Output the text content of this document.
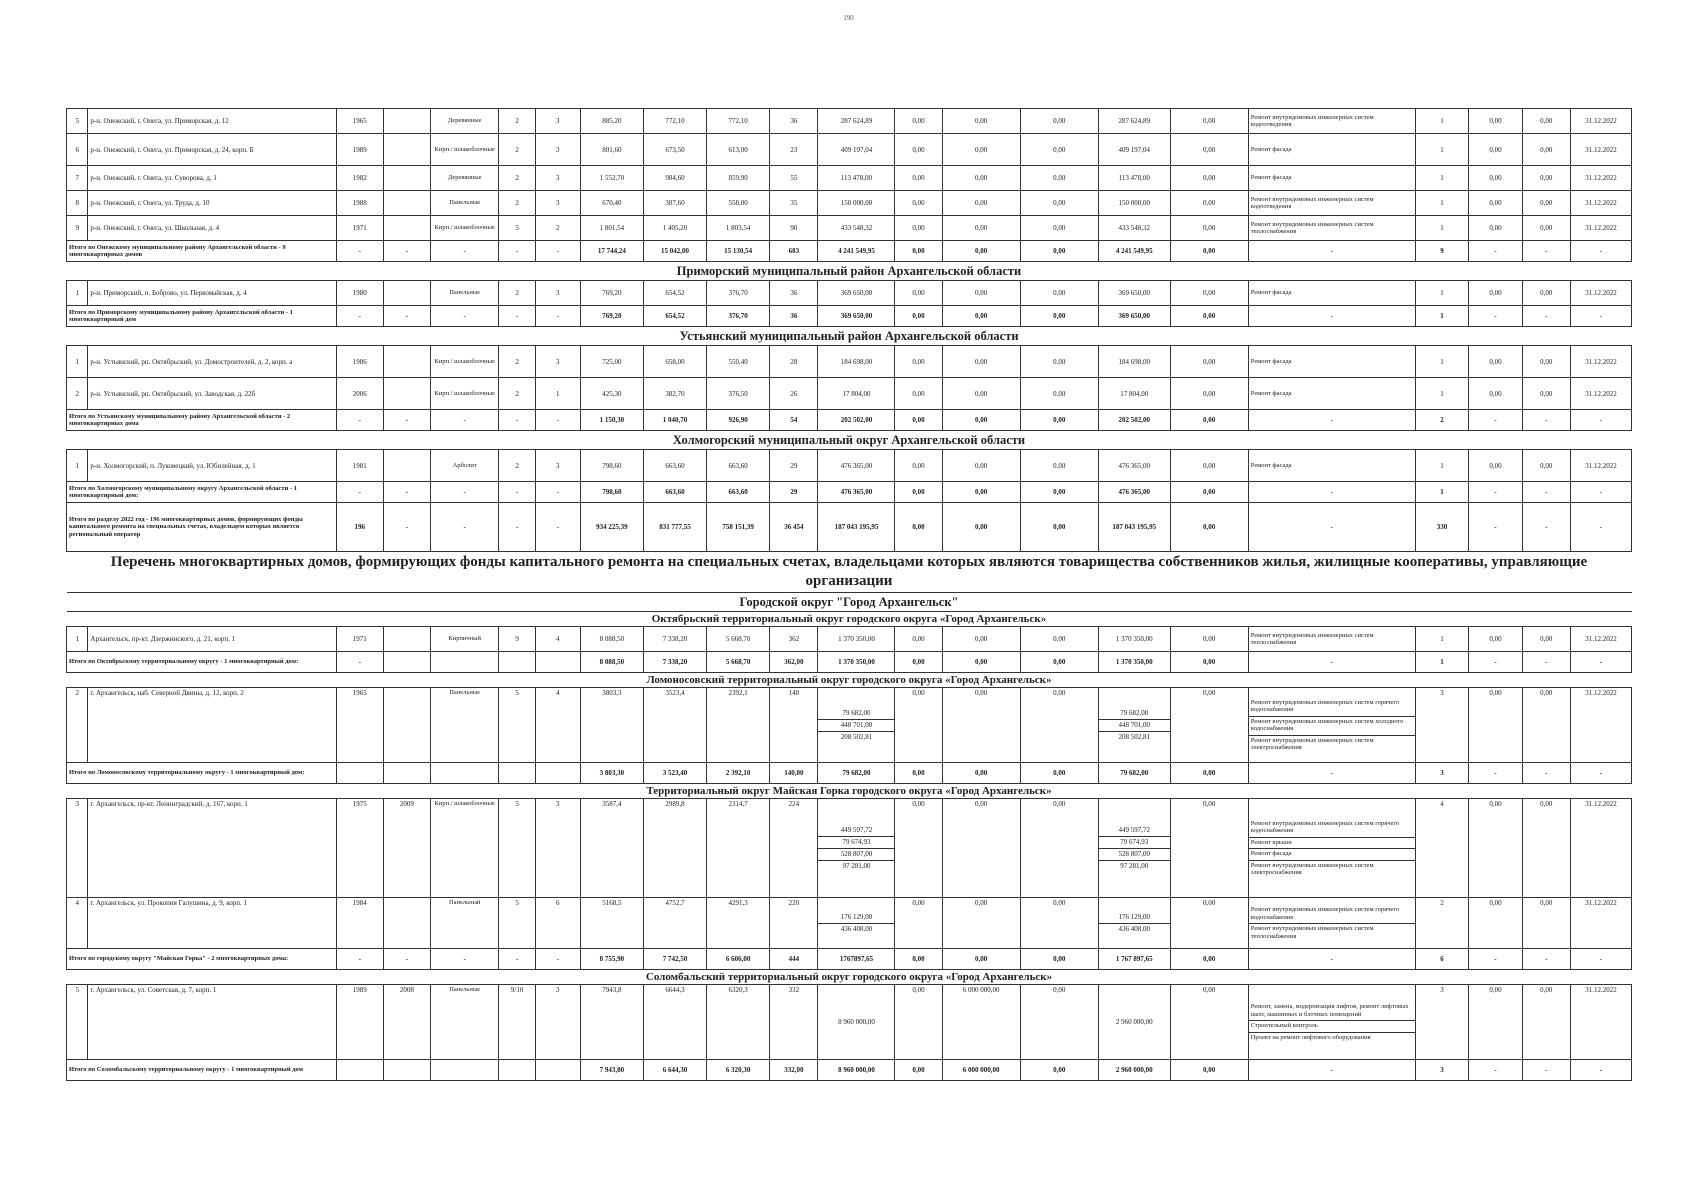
190
5	р-н. Онежский, г. Онега, ул. Приморская, д. 12	1965		Деревянные	2	3	885,20	772,10	772,10	36	287 624,89	0,00	0,00	0,00	287 624,89	0,00	Ремонт внутридомовых инженерных систем водоотведения	1	0,00	0,00	31.12.2022
6	р-н. Онежский, г. Онега, ул. Приморская, д. 24, корп. Б	1989		Кирп./ шлакоблочные	2	3	801,60	673,50	613,00	23	409 197,04	0,00	0,00	0,00	409 197,04	0,00	Ремонт фасада	1	0,00	0,00	31.12.2022
7	р-н. Онежский, г. Онега, ул. Суворова, д. 1	1982		Деревянные	2	3	1 552,70	984,60	859,90	55	113 478,00	0,00	0,00	0,00	113 478,00	0,00	Ремонт фасада	1	0,00	0,00	31.12.2022
8	р-н. Онежский, г. Онега, ул. Труда, д. 10	1988		Панельные	2	3	670,40	387,60	558,00	35	150 000,00	0,00	0,00	0,00	150 000,00	0,00	Ремонт внутридомовых инженерных систем водоотведения	1	0,00	0,00	31.12.2022
9	р-н. Онежский, г. Онега, ул. Школьная, д. 4	1971		Кирп./ шлакоблочные	5	2	1 801,54	1 405,20	1 803,54	90	433 548,32	0,00	0,00	0,00	433 548,32	0,00	Ремонт внутридомовых инженерных систем теплоснабжения	1	0,00	0,00	31.12.2022
Итого по Онежскому муниципальному району Архангельской области - 9 многоквартирных домов		-	-	-	-	-	17 744,24	15 042,00	15 130,54	683	4 241 549,95	0,00	0,00	0,00	4 241 549,95	0,00	-	9	-	-	-
Приморский муниципальный район Архангельской области																					
1	р-н. Приморский, п. Боброво, ул. Первомайская, д. 4	1980		Панельные	2	3	769,20	654,52	376,70	36	369 650,00	0,00	0,00	0,00	369 650,00	0,00	Ремонт фасада	1	0,00	0,00	31.12.2022
Итого по Приморскому муниципальному району Архангельской области - 1 многоквартирный дом		-	-	-	-	-	769,20	654,52	376,70	36	369 650,00	0,00	0,00	0,00	369 650,00	0,00	-	1	-	-	-
Устьянский муниципальный район Архангельской области																					
1	р-н. Устьянский, рп. Октябрьский, ул. Домостроителей, д. 2, корп. а	1986		Кирп./ шлакоблочные	2	3	725,00	658,00	550,40	28	184 698,00	0,00	0,00	0,00	184 698,00	0,00	Ремонт фасада	1	0,00	0,00	31.12.2022
2	р-н. Устьянский, рп. Октябрьский, ул. Заводская, д. 22б	2006		Кирп./ шлакоблочные	2	1	425,30	382,70	376,50	26	17 804,00	0,00	0,00	0,00	17 804,00	0,00	Ремонт фасада	1	0,00	0,00	31.12.2022
Итого по Устьянскому муниципальному району Архангельской области - 2 многоквартирных дома		-	-	-	-	-	1 150,30	1 040,70	926,90	54	202 502,00	0,00	0,00	0,00	202 502,00	0,00	-	2	-	-	-
Холмогорский муниципальный округ Архангельской области																					
1	р-н. Холмогорский, п. Луковецкий, ул. Юбилейная, д. 1	1981		Арболит	2	3	798,60	663,60	663,60	29	476 365,00	0,00	0,00	0,00	476 365,00	0,00	Ремонт фасада	1	0,00	0,00	31.12.2022
Итого по Холмогорскому муниципальному округу Архангельской области - 1 многоквартирный дом:		-	-	-	-	-	798,60	663,60	663,60	29	476 365,00	0,00	0,00	0,00	476 365,00	0,00	-	1	-	-	-
Итого по разделу 2022 год - 196 многоквартирных домов, формирующих фонды капитального ремонта на специальных счетах, владельцем которых является региональный оператор		196	-	-	-	-	934 225,39	831 777,55	758 151,39	36 454	187 043 195,95	0,00	0,00	0,00	187 043 195,95	0,00	-	330	-	-	-
Перечень многоквартирных домов, формирующих фонды капитального ремонта на специальных счетах, владельцами которых являются товарищества собственников жилья, жилищные кооперативы, управляющие организации																					
Городской округ "Город Архангельск"																					
Октябрьский территориальный округ городского округа «Город Архангельск»																					
1	Архангельск, пр-кт. Дзержинского, д. 21, корп. 1	1971		Кирпичный	9	4	8 088,50	7 338,20	5 668,70	362	1 370 350,00	0,00	0,00	0,00	1 370 350,00	0,00	Ремонт внутридомовых инженерных систем теплоснабжения	1	0,00	0,00	31.12.2022
Итого по Октябрьскому территориальному округу - 1 многоквартирный дом:		-					8 088,50	7 338,20	5 668,70	362,00	1 370 350,00	0,00	0,00	0,00	1 370 350,00	0,00	-	1	-	-	-
Ломоносовский территориальный округ городского округа «Город Архангельск»																					
2	г. Архангельск, наб. Северной Двины, д. 12, корп. 2	1965		Панельные	5	4	3803,3	3523,4	2392,1	140	79 682,00
448 701,00
208 502,81	0,00	0,00	0,00	79 682,00
448 701,00
208 502,81	0,00	Ремонт внутридомовых инженерных систем горячего водоснабжения
Ремонт внутридомовых инженерных систем холодного водоснабжения
Ремонт внутридомовых инженерных систем электроснабжения	3	0,00	0,00	31.12.2022
Итого по Ломоносовскому территориальному округу - 1 многоквартирный дом:							3 803,30	3 523,40	2 392,10	140,00	79 682,00	0,00	0,00	0,00	79 682,00	0,00	-	3	-	-	-
Территориальный округ Майская Горка городского округа «Город Архангельск»																					
3	г. Архангельск, пр-кт. Ленинградский, д. 167, корп. 1	1975	2009	Кирп./ шлакоблочные	5	3	3587,4	2989,8	2314,7	224	449 597,72
79 674,93
528 807,00
97 281,00	0,00	0,00	0,00	449 597,72
79 674,93
528 807,00
97 281,00	0,00	Ремонт внутридомовых инженерных систем горячего водоснабжения
Ремонт крыши
Ремонт фасада
Ремонт внутридомовых инженерных систем электроснабжения	4	0,00	0,00	31.12.2022
4	г. Архангельск, ул. Прокопия Галушина, д. 9, корп. 1	1984		Панельный	5	6	5168,5	4752,7	4291,3	220	176 129,00
436 408,00	0,00	0,00	0,00	176 129,00
436 408,00	0,00	Ремонт внутридомовых инженерных систем горячего водоснабжения
Ремонт внутридомовых инженерных систем теплоснабжения	2	0,00	0,00	31.12.2022
Итого по городскому округу "Майская Горка" - 2 многоквартирных дома:		-	-	-	-	-	8 755,90	7 742,50	6 606,00	444	1767897,65	0,00	0,00	0,00	1 767 897,65	0,00	-	6	-	-	-
Соломбальский территориальный округ городского округа «Город Архангельск»																					
5	г. Архангельск, ул. Советская, д. 7, корп. 1	1989	2008	Панельные	9/10	3	7943,8	6644,3	6320,3	332	8 960 000,00	0,00	6 000 000,00	0,00	2 960 000,00	0,00	Ремонт, замена, модернизация лифтов, ремонт лифтовых шахт, машинных и блочных помещений
Строительный контроль
Проект на ремонт лифтового оборудования	3	0,00	0,00	31.12.2022
Итого по Соломбальскому территориальному округу - 1 многоквартирный дом							7 943,80	6 644,30	6 320,30	332,00	8 960 000,00	0,00	6 000 000,00	0,00	2 960 000,00	0,00	-	3	-	-	-
